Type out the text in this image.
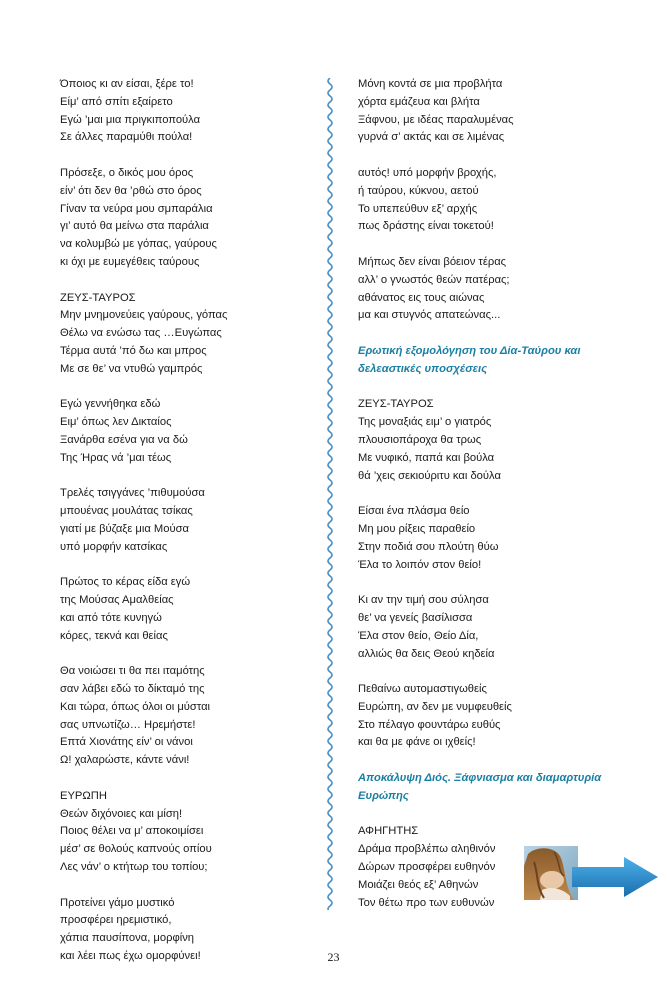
Όποιος κι αν είσαι, ξέρε το!
Είμ’ από σπίτι εξαίρετο
Εγώ ’μαι μια πριγκιποπούλα
Σε άλλες παραμύθι πούλα!
Πρόσεξε, ο δικός μου όρος
είν’ ότι δεν θα ’ρθώ στο όρος
Γίναν τα νεύρα μου σμπαράλια
γι’ αυτό θα μείνω στα παράλια
να κολυμβώ με γόπας, γαύρους
κι όχι με ευμεγέθεις ταύρους
ΖΕΥΣ-ΤΑΥΡΟΣ
Μην μνημονεύεις γαύρους, γόπας
Θέλω να ενώσω τας …Ευγώπας
Τέρμα αυτά ’πό δω και μπρος
Με σε θε’ να ντυθώ γαμπρός
Εγώ γεννήθηκα εδώ
Ειμ’ όπως λεν Δικταίος
Ξανάρθα εσένα για να δώ
Της Ήρας νά ’μαι τέως
Τρελές τσιγγάνες ’πιθυμούσα
μπουένας μουλάτας τσίκας
γιατί με βύζαξε μια Μούσα
υπό μορφήν κατσίκας
Πρώτος το κέρας είδα εγώ
της Μούσας Αμαλθείας
και από τότε κυνηγώ
κόρες, τεκνά και θείας
Θα νοιώσει τι θα πει ιταμότης
σαν λάβει εδώ το δίκταμό της
Και τώρα, όπως όλοι οι μύσται
σας υπνωτίζω… Ηρεμήστε!
Επτά Χιονάτης είν’ οι νάνοι
Ω! χαλαρώστε, κάντε νάνι!
ΕΥΡΩΠΗ
Θεών διχόνοιες και μίση!
Ποιος θέλει να μ’ αποκοιμίσει
μέσ’ σε θολούς καπνούς οπίου
Λες νάν’ ο κτήτωρ του τοπίου;
Προτείνει γάμο μυστικό
προσφέρει ηρεμιστικό,
χάπια παυσίπονα, μορφίνη
και λέει πως έχω ομορφύνει!
Μόνη κοντά σε μια προβλήτα
χόρτα εμάζευα και βλήτα
Ξάφνου, με ιδέας παραλυμένας
γυρνά σ’ ακτάς και σε λιμένας
αυτός! υπό μορφήν βροχής,
ή ταύρου, κύκνου, αετού
Το υπεπεύθυν εξ’ αρχής
πως δράστης είναι τοκετού!
Μήπως δεν είναι βόειον τέρας
αλλ’ ο γνωστός θεών πατέρας;
αθάνατος εις τους αιώνας
μα και στυγνός απατεώνας...
Ερωτική εξομολόγηση του Δία-Ταύρου και
δελεαστικές υποσχέσεις
ΖΕΥΣ-ΤΑΥΡΟΣ
Της μοναξιάς ειμ’ ο γιατρός
πλουσιοπάροχα θα τρως
Με νυφικό, παπά και βούλα
θά ’χεις σεκιούριτυ και δούλα
Είσαι ένα πλάσμα θείο
Μη μου ρίξεις παραθείο
Στην ποδιά σου πλούτη θύω
Έλα το λοιπόν στον θείο!
Κι αν την τιμή σου σύλησα
θε’ να γενείς βασίλισσα
Έλα στον θείο, Θείο Δία,
αλλιώς θα δεις Θεού κηδεία
Πεθαίνω αυτομαστιγωθείς
Ευρώπη, αν δεν με νυμφευθείς
Στο πέλαγο φουντάρω ευθύς
και θα με φάνε οι ιχθείς!
Αποκάλυψη Διός. Ξάφνιασμα και διαμαρτυρία
Ευρώπης
ΑΦΗΓΗΤΗΣ
Δράμα προβλέπω αληθινόν
Δώρων προσφέρει ευθηνόν
Μοιάζει θεός εξ’ Αθηνών
Τον θέτω προ των ευθυνών
23
